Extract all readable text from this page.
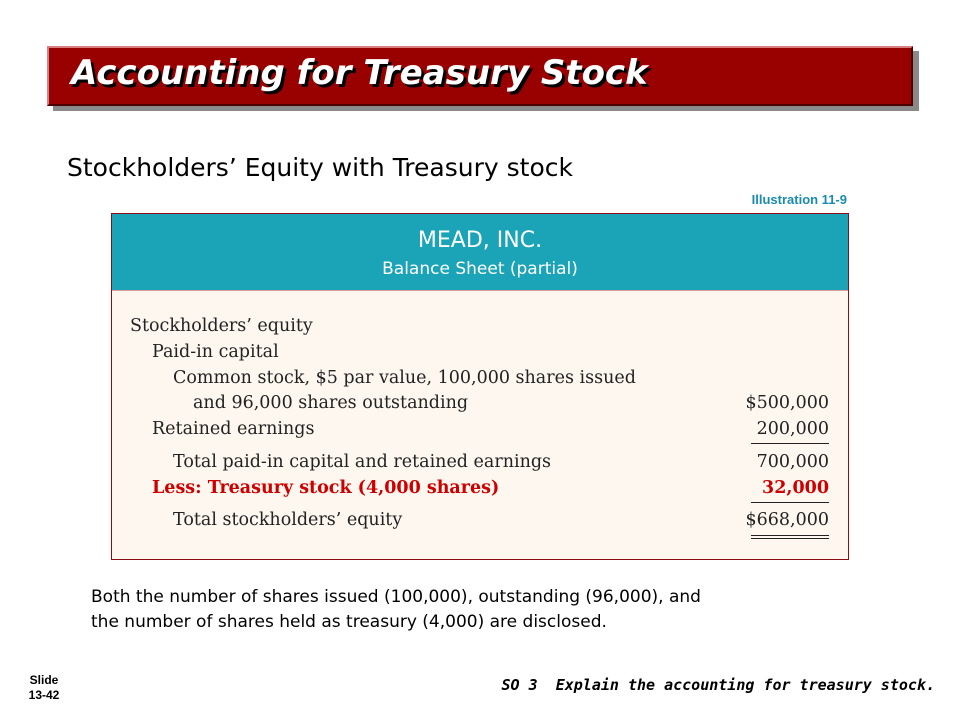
Accounting for Treasury Stock
Stockholders’ Equity with Treasury stock
Illustration 11-9
MEAD, INC.
Balance Sheet (partial)
Stockholders’ equity
Paid-in capital
Common stock, $5 par value, 100,000 shares issued
and 96,000 shares outstanding	$500,000
Retained earnings	200,000
Total paid-in capital and retained earnings	700,000
Less: Treasury stock (4,000 shares)	32,000
Total stockholders’ equity	$668,000
Both the number of shares issued (100,000), outstanding (96,000), and
the number of shares held as treasury (4,000) are disclosed.
Slide
13-42
SO 3 Explain the accounting for treasury stock.
